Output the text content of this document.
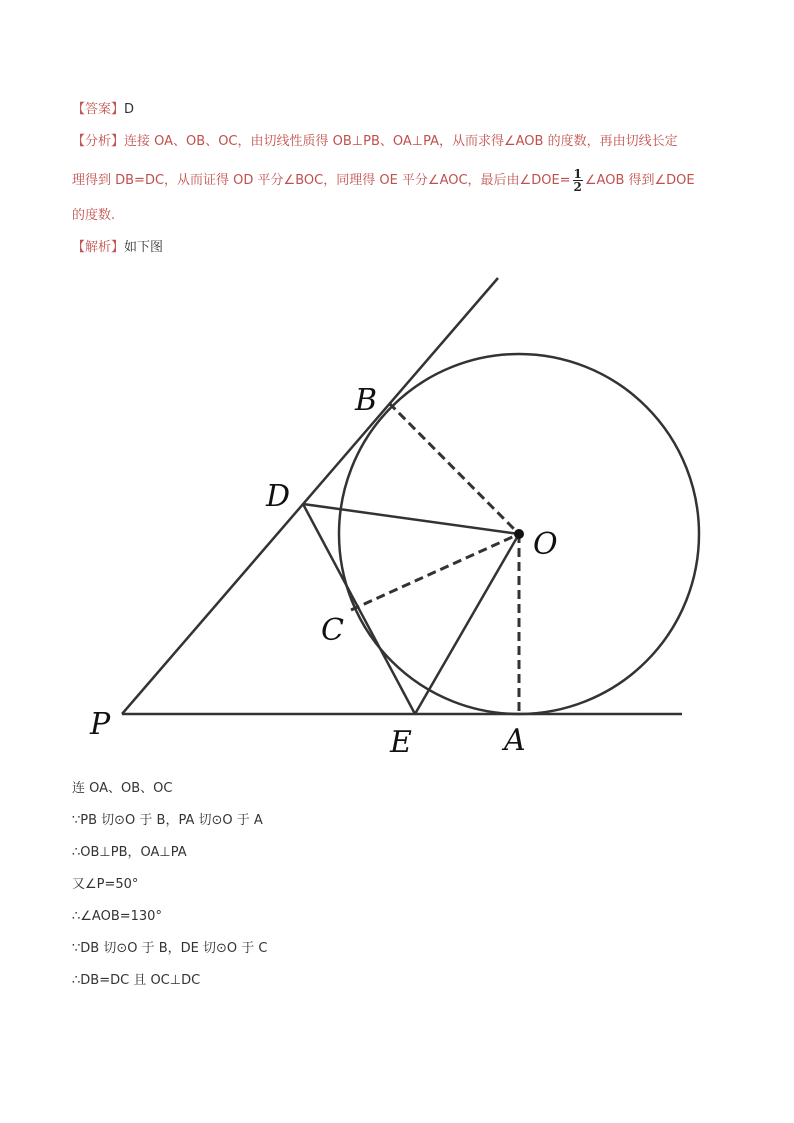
【答案】D
【分析】连接 OA、OB、OC，由切线性质得 OB⊥PB、OA⊥PA，从而求得∠AOB 的度数，再由切线长定
理得到 DB=DC，从而证得 OD 平分∠BOC，同理得 OE 平分∠AOC，最后由∠DOE= $\frac{1}{2}$ ∠AOB 得到∠DOE
的度数.
【解析】如下图
B
D
O
C
P
E	A
连 OA、OB、OC
∵PB 切⊙O 于 B，PA 切⊙O 于 A
∴OB⊥PB，OA⊥PA
又∠P=50°
∴∠AOB=130°
∵DB 切⊙O 于 B，DE 切⊙O 于 C
∴DB=DC 且 OC⊥DC
